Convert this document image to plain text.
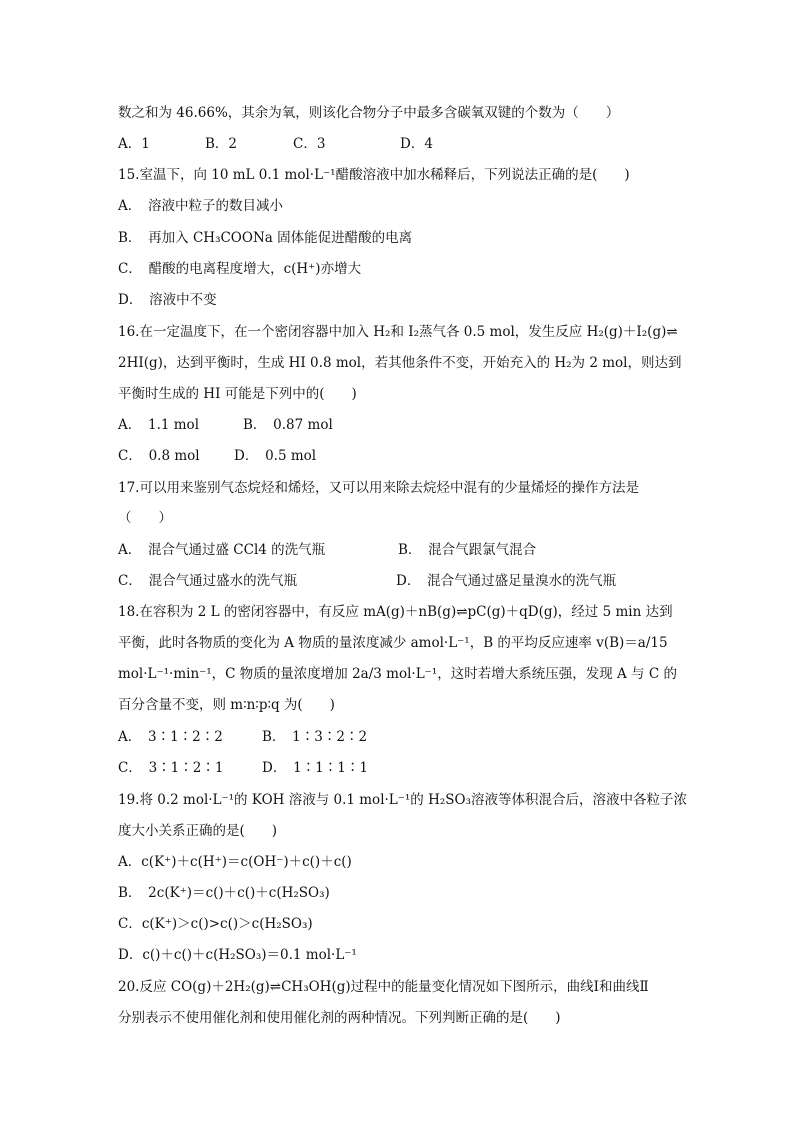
数之和为 46.66%，其余为氧，则该化合物分子中最多含碳氧双键的个数为（　　）
A．1	B．2	C．3	D．4
15.室温下，向 10 mL 0.1 mol·L⁻¹醋酸溶液中加水稀释后，下列说法正确的是(　　)
A．　溶液中粒子的数目减小
B．　再加入 CH₃COONa 固体能促进醋酸的电离
C．　醋酸的电离程度增大，c(H⁺)亦增大
D．　溶液中不变
16.在一定温度下，在一个密闭容器中加入 H₂和 I₂蒸气各 0.5 mol，发生反应 H₂(g)＋I₂(g)⇌
2HI(g)，达到平衡时，生成 HI 0.8 mol，若其他条件不变，开始充入的 H₂为 2 mol，则达到
平衡时生成的 HI 可能是下列中的(　　)
A．　1.1 mol	B．　0.87 mol
C．　0.8 mol	D．　0.5 mol
17.可以用来鉴别气态烷烃和烯烃，又可以用来除去烷烃中混有的少量烯烃的操作方法是
（　　）
A．　混合气通过盛 CCl4 的洗气瓶	B．　混合气跟氯气混合
C．　混合气通过盛水的洗气瓶	D．　混合气通过盛足量溴水的洗气瓶
18.在容积为 2 L 的密闭容器中，有反应 mA(g)＋nB(g)⇌pC(g)＋qD(g)，经过 5 min 达到
平衡，此时各物质的变化为 A 物质的量浓度减少 amol·L⁻¹，B 的平均反应速率 v(B)＝a/15
mol·L⁻¹·min⁻¹，C 物质的量浓度增加 2a/3 mol·L⁻¹，这时若增大系统压强，发现 A 与 C 的
百分含量不变，则 m∶n∶p∶q 为(　　)
A．　3∶1∶2∶2	B．　1∶3∶2∶2
C．　3∶1∶2∶1	D．　1∶1∶1∶1
19.将 0.2 mol·L⁻¹的 KOH 溶液与 0.1 mol·L⁻¹的 H₂SO₃溶液等体积混合后，溶液中各粒子浓
度大小关系正确的是(　　)
A．c(K⁺)＋c(H⁺)＝c(OH⁻)＋c()＋c()
B．　2c(K⁺)＝c()＋c()＋c(H₂SO₃)
C．c(K⁺)＞c()>c()＞c(H₂SO₃)
D．c()＋c()＋c(H₂SO₃)＝0.1 mol·L⁻¹
20.反应 CO(g)＋2H₂(g)⇌CH₃OH(g)过程中的能量变化情况如下图所示，曲线Ⅰ和曲线Ⅱ
分别表示不使用催化剂和使用催化剂的两种情况。下列判断正确的是(　　)
